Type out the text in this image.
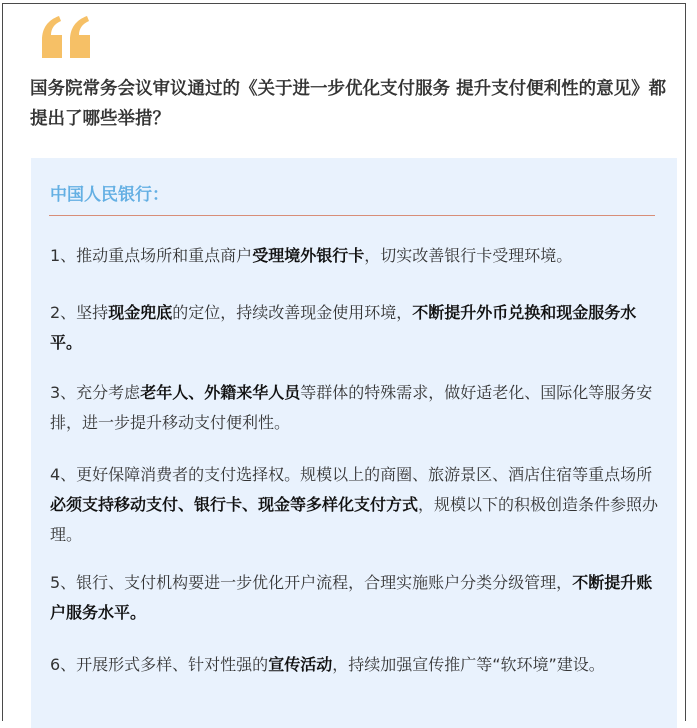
国务院常务会议审议通过的《关于进一步优化支付服务 提升支付便利性的意见》都提出了哪些举措？

中国人民银行：

1、推动重点场所和重点商户受理境外银行卡，切实改善银行卡受理环境。

2、坚持现金兜底的定位，持续改善现金使用环境，不断提升外币兑换和现金服务水平。

3、充分考虑老年人、外籍来华人员等群体的特殊需求，做好适老化、国际化等服务安排，进一步提升移动支付便利性。

4、更好保障消费者的支付选择权。规模以上的商圈、旅游景区、酒店住宿等重点场所必须支持移动支付、银行卡、现金等多样化支付方式，规模以下的积极创造条件参照办理。

5、银行、支付机构要进一步优化开户流程，合理实施账户分类分级管理，不断提升账户服务水平。

6、开展形式多样、针对性强的宣传活动，持续加强宣传推广等“软环境”建设。
